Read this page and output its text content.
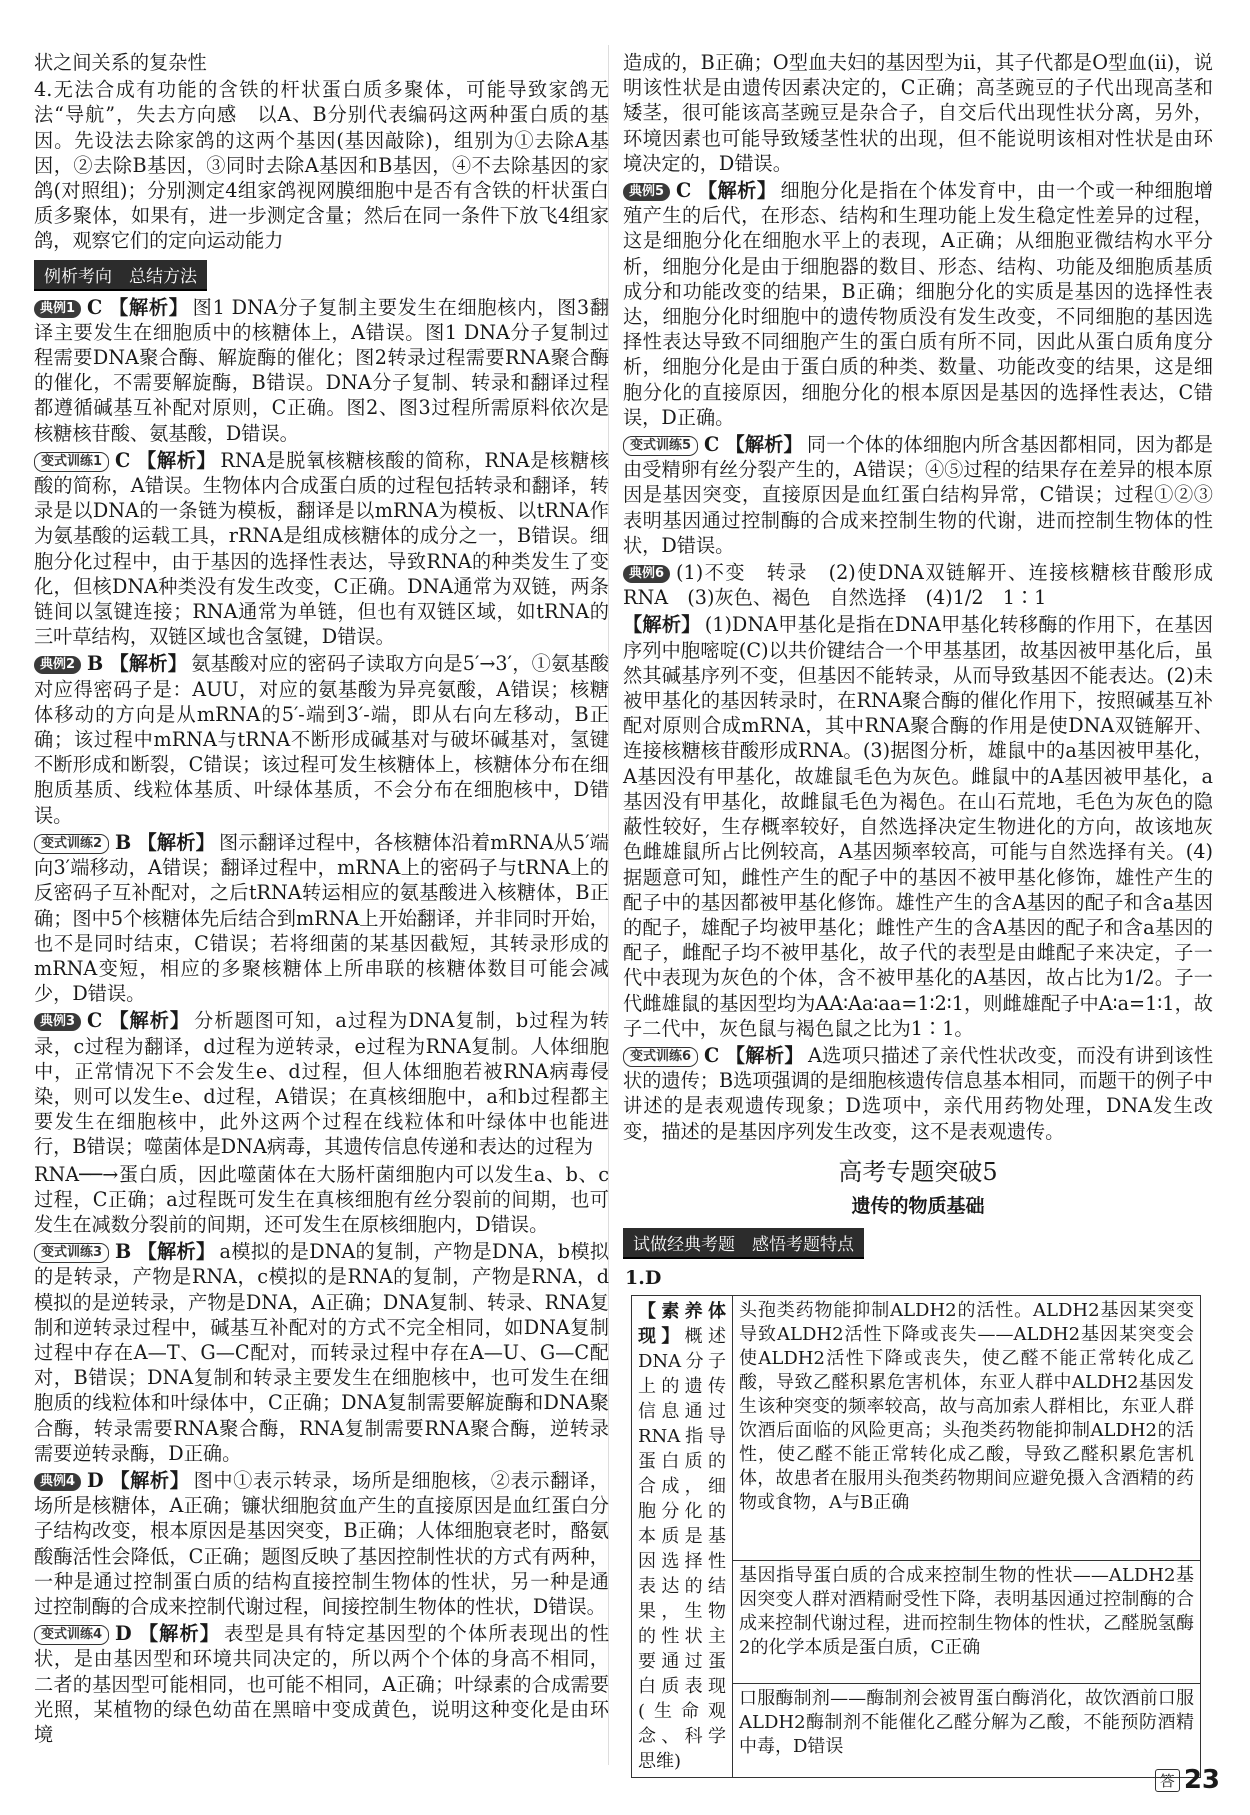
状之间关系的复杂性

4.无法合成有功能的含铁的杆状蛋白质多聚体，可能导致家鸽无法“导航”，失去方向感　以A、B分别代表编码这两种蛋白质的基因。先设法去除家鸽的这两个基因(基因敲除)，组别为①去除A基因，②去除B基因，③同时去除A基因和B基因，④不去除基因的家鸽(对照组)；分别测定4组家鸽视网膜细胞中是否有含铁的杆状蛋白质多聚体，如果有，进一步测定含量；然后在同一条件下放飞4组家鸽，观察它们的定向运动能力

例析考向　总结方法

典例1 C 【解析】 图1 DNA分子复制主要发生在细胞核内，图3翻译主要发生在细胞质中的核糖体上，A错误。图1 DNA分子复制过程需要DNA聚合酶、解旋酶的催化；图2转录过程需要RNA聚合酶的催化，不需要解旋酶，B错误。DNA分子复制、转录和翻译过程都遵循碱基互补配对原则，C正确。图2、图3过程所需原料依次是核糖核苷酸、氨基酸，D错误。

变式训练1 C 【解析】 RNA是脱氧核糖核酸的简称，RNA是核糖核酸的简称，A错误。生物体内合成蛋白质的过程包括转录和翻译，转录是以DNA的一条链为模板，翻译是以mRNA为模板、以tRNA作为氨基酸的运载工具，rRNA是组成核糖体的成分之一，B错误。细胞分化过程中，由于基因的选择性表达，导致RNA的种类发生了变化，但核DNA种类没有发生改变，C正确。DNA通常为双链，两条链间以氢键连接；RNA通常为单链，但也有双链区域，如tRNA的三叶草结构，双链区域也含氢键，D错误。

典例2 B 【解析】 氨基酸对应的密码子读取方向是5′→3′，①氨基酸对应得密码子是：AUU，对应的氨基酸为异亮氨酸，A错误；核糖体移动的方向是从mRNA的5′-端到3′-端，即从右向左移动，B正确；该过程中mRNA与tRNA不断形成碱基对与破坏碱基对，氢键不断形成和断裂，C错误；该过程可发生核糖体上，核糖体分布在细胞质基质、线粒体基质、叶绿体基质，不会分布在细胞核中，D错误。

变式训练2 B 【解析】 图示翻译过程中，各核糖体沿着mRNA从5′端向3′端移动，A错误；翻译过程中，mRNA上的密码子与tRNA上的反密码子互补配对，之后tRNA转运相应的氨基酸进入核糖体，B正确；图中5个核糖体先后结合到mRNA上开始翻译，并非同时开始，也不是同时结束，C错误；若将细菌的某基因截短，其转录形成的mRNA变短，相应的多聚核糖体上所串联的核糖体数目可能会减少，D错误。

典例3 C 【解析】 分析题图可知，a过程为DNA复制，b过程为转录，c过程为翻译，d过程为逆转录，e过程为RNA复制。人体细胞中，正常情况下不会发生e、d过程，但人体细胞若被RNA病毒侵染，则可以发生e、d过程，A错误；在真核细胞中，a和b过程都主要发生在细胞核中，此外这两个过程在线粒体和叶绿体中也能进行，B错误；噬菌体是DNA病毒，其遗传信息传递和表达的过程为

RNA──→蛋白质，因此噬菌体在大肠杆菌细胞内可以发生a、b、c过程，C正确；a过程既可发生在真核细胞有丝分裂前的间期，也可发生在减数分裂前的间期，还可发生在原核细胞内，D错误。

变式训练3 B 【解析】 a模拟的是DNA的复制，产物是DNA，b模拟的是转录，产物是RNA，c模拟的是RNA的复制，产物是RNA，d模拟的是逆转录，产物是DNA，A正确；DNA复制、转录、RNA复制和逆转录过程中，碱基互补配对的方式不完全相同，如DNA复制过程中存在A—T、G—C配对，而转录过程中存在A—U、G—C配对，B错误；DNA复制和转录主要发生在细胞核中，也可发生在细胞质的线粒体和叶绿体中，C正确；DNA复制需要解旋酶和DNA聚合酶，转录需要RNA聚合酶，RNA复制需要RNA聚合酶，逆转录需要逆转录酶，D正确。

典例4 D 【解析】 图中①表示转录，场所是细胞核，②表示翻译，场所是核糖体，A正确；镰状细胞贫血产生的直接原因是血红蛋白分子结构改变，根本原因是基因突变，B正确；人体细胞衰老时，酪氨酸酶活性会降低，C正确；题图反映了基因控制性状的方式有两种，一种是通过控制蛋白质的结构直接控制生物体的性状，另一种是通过控制酶的合成来控制代谢过程，间接控制生物体的性状，D错误。

变式训练4 D 【解析】 表型是具有特定基因型的个体所表现出的性状，是由基因型和环境共同决定的，所以两个个体的身高不相同，二者的基因型可能相同，也可能不相同，A正确；叶绿素的合成需要光照，某植物的绿色幼苗在黑暗中变成黄色，说明这种变化是由环境

造成的，B正确；O型血夫妇的基因型为ii，其子代都是O型血(ii)，说明该性状是由遗传因素决定的，C正确；高茎豌豆的子代出现高茎和矮茎，很可能该高茎豌豆是杂合子，自交后代出现性状分离，另外，环境因素也可能导致矮茎性状的出现，但不能说明该相对性状是由环境决定的，D错误。

典例5 C 【解析】 细胞分化是指在个体发育中，由一个或一种细胞增殖产生的后代，在形态、结构和生理功能上发生稳定性差异的过程，这是细胞分化在细胞水平上的表现，A正确；从细胞亚微结构水平分析，细胞分化是由于细胞器的数目、形态、结构、功能及细胞质基质成分和功能改变的结果，B正确；细胞分化的实质是基因的选择性表达，细胞分化时细胞中的遗传物质没有发生改变，不同细胞的基因选择性表达导致不同细胞产生的蛋白质有所不同，因此从蛋白质角度分析，细胞分化是由于蛋白质的种类、数量、功能改变的结果，这是细胞分化的直接原因，细胞分化的根本原因是基因的选择性表达，C错误，D正确。

变式训练5 C 【解析】 同一个体的体细胞内所含基因都相同，因为都是由受精卵有丝分裂产生的，A错误；④⑤过程的结果存在差异的根本原因是基因突变，直接原因是血红蛋白结构异常，C错误；过程①②③表明基因通过控制酶的合成来控制生物的代谢，进而控制生物体的性状，D错误。

典例6 (1)不变　转录　(2)使DNA双链解开、连接核糖核苷酸形成RNA　(3)灰色、褐色　自然选择　(4)1/2　1∶1

【解析】 (1)DNA甲基化是指在DNA甲基化转移酶的作用下，在基因序列中胞嘧啶(C)以共价键结合一个甲基基团，故基因被甲基化后，虽然其碱基序列不变，但基因不能转录，从而导致基因不能表达。(2)未被甲基化的基因转录时，在RNA聚合酶的催化作用下，按照碱基互补配对原则合成mRNA，其中RNA聚合酶的作用是使DNA双链解开、连接核糖核苷酸形成RNA。(3)据图分析，雄鼠中的a基因被甲基化，A基因没有甲基化，故雄鼠毛色为灰色。雌鼠中的A基因被甲基化，a基因没有甲基化，故雌鼠毛色为褐色。在山石荒地，毛色为灰色的隐蔽性较好，生存概率较好，自然选择决定生物进化的方向，故该地灰色雌雄鼠所占比例较高，A基因频率较高，可能与自然选择有关。(4)据题意可知，雌性产生的配子中的基因不被甲基化修饰，雄性产生的配子中的基因都被甲基化修饰。雄性产生的含A基因的配子和含a基因的配子，雄配子均被甲基化；雌性产生的含A基因的配子和含a基因的配子，雌配子均不被甲基化，故子代的表型是由雌配子来决定，子一代中表现为灰色的个体，含不被甲基化的A基因，故占比为1/2。子一代雌雄鼠的基因型均为AA∶Aa∶aa=1∶2∶1，则雌雄配子中A∶a=1∶1，故子二代中，灰色鼠与褐色鼠之比为1∶1。

变式训练6 C 【解析】 A选项只描述了亲代性状改变，而没有讲到该性状的遗传；B选项强调的是细胞核遗传信息基本相同，而题干的例子中讲述的是表观遗传现象；D选项中，亲代用药物处理，DNA发生改变，描述的是基因序列发生改变，这不是表观遗传。

高考专题突破5
遗传的物质基础
试做经典考题　感悟考题特点
1.D
【素养体现】概述DNA分子上的遗传信息通过RNA指导蛋白质的合成，细胞分化的本质是基因选择性表达的结果，生物的性状主要通过蛋白质表现(生命观念、科学思维)	头孢类药物能抑制ALDH2的活性。ALDH2基因某突变导致ALDH2活性下降或丧失——ALDH2基因某突变会使ALDH2活性下降或丧失，使乙醛不能正常转化成乙酸，导致乙醛积累危害机体，东亚人群中ALDH2基因发生该种突变的频率较高，故与高加索人群相比，东亚人群饮酒后面临的风险更高；头孢类药物能抑制ALDH2的活性，使乙醛不能正常转化成乙酸，导致乙醛积累危害机体，故患者在服用头孢类药物期间应避免摄入含酒精的药物或食物，A与B正确
基因指导蛋白质的合成来控制生物的性状——ALDH2基因突变人群对酒精耐受性下降，表明基因通过控制酶的合成来控制代谢过程，进而控制生物体的性状，乙醛脱氢酶2的化学本质是蛋白质，C正确
口服酶制剂——酶制剂会被胃蛋白酶消化，故饮酒前口服ALDH2酶制剂不能催化乙醛分解为乙酸，不能预防酒精中毒，D错误
答 23
